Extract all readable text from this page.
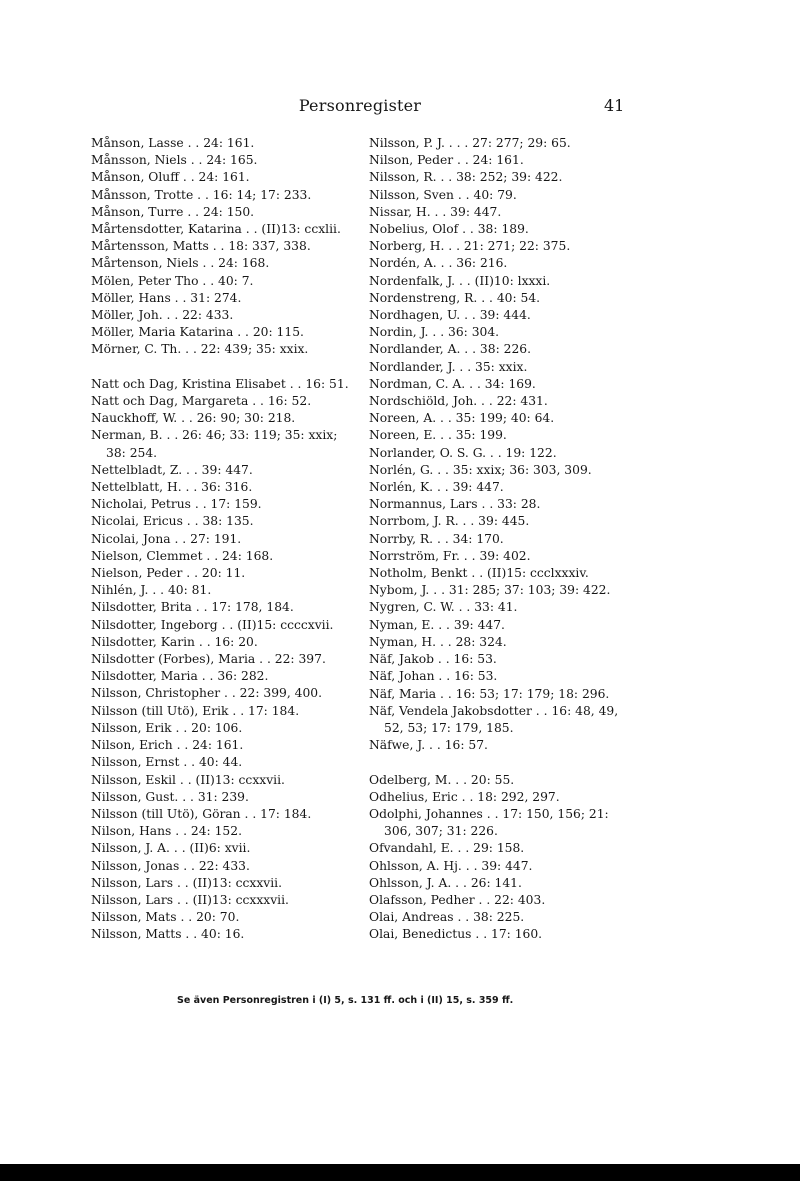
Personregister	41
Månson, Lasse . . 24: 161.
Månsson, Niels . . 24: 165.
Månson, Oluff . . 24: 161.
Månsson, Trotte . . 16: 14; 17: 233.
Månson, Turre . . 24: 150.
Mårtensdotter, Katarina . . (II)13: ccxlii.
Mårtensson, Matts . . 18: 337, 338.
Mårtenson, Niels . . 24: 168.
Mölen, Peter Tho . . 40: 7.
Möller, Hans . . 31: 274.
Möller, Joh. . . 22: 433.
Möller, Maria Katarina . . 20: 115.
Mörner, C. Th. . . 22: 439; 35: xxix.
Natt och Dag, Kristina Elisabet . . 16: 51.
Natt och Dag, Margareta . . 16: 52.
Nauckhoff, W. . . 26: 90; 30: 218.
Nerman, B. . . 26: 46; 33: 119; 35: xxix;
38: 254.
Nettelbladt, Z. . . 39: 447.
Nettelblatt, H. . . 36: 316.
Nicholai, Petrus . . 17: 159.
Nicolai, Ericus . . 38: 135.
Nicolai, Jona . . 27: 191.
Nielson, Clemmet . . 24: 168.
Nielson, Peder . . 20: 11.
Nihlén, J. . . 40: 81.
Nilsdotter, Brita . . 17: 178, 184.
Nilsdotter, Ingeborg . . (II)15: ccccxvii.
Nilsdotter, Karin . . 16: 20.
Nilsdotter (Forbes), Maria . . 22: 397.
Nilsdotter, Maria . . 36: 282.
Nilsson, Christopher . . 22: 399, 400.
Nilsson (till Utö), Erik . . 17: 184.
Nilsson, Erik . . 20: 106.
Nilson, Erich . . 24: 161.
Nilsson, Ernst . . 40: 44.
Nilsson, Eskil . . (II)13: ccxxvii.
Nilsson, Gust. . . 31: 239.
Nilsson (till Utö), Göran . . 17: 184.
Nilson, Hans . . 24: 152.
Nilsson, J. A. . . (II)6: xvii.
Nilsson, Jonas . . 22: 433.
Nilsson, Lars . . (II)13: ccxxvii.
Nilsson, Lars . . (II)13: ccxxxvii.
Nilsson, Mats . . 20: 70.
Nilsson, Matts . . 40: 16.
Nilsson, P. J. . . . 27: 277; 29: 65.
Nilson, Peder . . 24: 161.
Nilsson, R. . . 38: 252; 39: 422.
Nilsson, Sven . . 40: 79.
Nissar, H. . . 39: 447.
Nobelius, Olof . . 38: 189.
Norberg, H. . . 21: 271; 22: 375.
Nordén, A. . . 36: 216.
Nordenfalk, J. . . (II)10: lxxxi.
Nordenstreng, R. . . 40: 54.
Nordhagen, U. . . 39: 444.
Nordin, J. . . 36: 304.
Nordlander, A. . . 38: 226.
Nordlander, J. . . 35: xxix.
Nordman, C. A. . . 34: 169.
Nordschiöld, Joh. . . 22: 431.
Noreen, A. . . 35: 199; 40: 64.
Noreen, E. . . 35: 199.
Norlander, O. S. G. . . 19: 122.
Norlén, G. . . 35: xxix; 36: 303, 309.
Norlén, K. . . 39: 447.
Normannus, Lars . . 33: 28.
Norrbom, J. R. . . 39: 445.
Norrby, R. . . 34: 170.
Norrström, Fr. . . 39: 402.
Notholm, Benkt . . (II)15: ccclxxxiv.
Nybom, J. . . 31: 285; 37: 103; 39: 422.
Nygren, C. W. . . 33: 41.
Nyman, E. . . 39: 447.
Nyman, H. . . 28: 324.
Näf, Jakob . . 16: 53.
Näf, Johan . . 16: 53.
Näf, Maria . . 16: 53; 17: 179; 18: 296.
Näf, Vendela Jakobsdotter . . 16: 48, 49,
52, 53; 17: 179, 185.
Näfwe, J. . . 16: 57.
Odelberg, M. . . 20: 55.
Odhelius, Eric . . 18: 292, 297.
Odolphi, Johannes . . 17: 150, 156; 21:
306, 307; 31: 226.
Ofvandahl, E. . . 29: 158.
Ohlsson, A. Hj. . . 39: 447.
Ohlsson, J. A. . . 26: 141.
Olafsson, Pedher . . 22: 403.
Olai, Andreas . . 38: 225.
Olai, Benedictus . . 17: 160.
Se även Personregistren i (I) 5, s. 131 ff. och i (II) 15, s. 359 ff.
